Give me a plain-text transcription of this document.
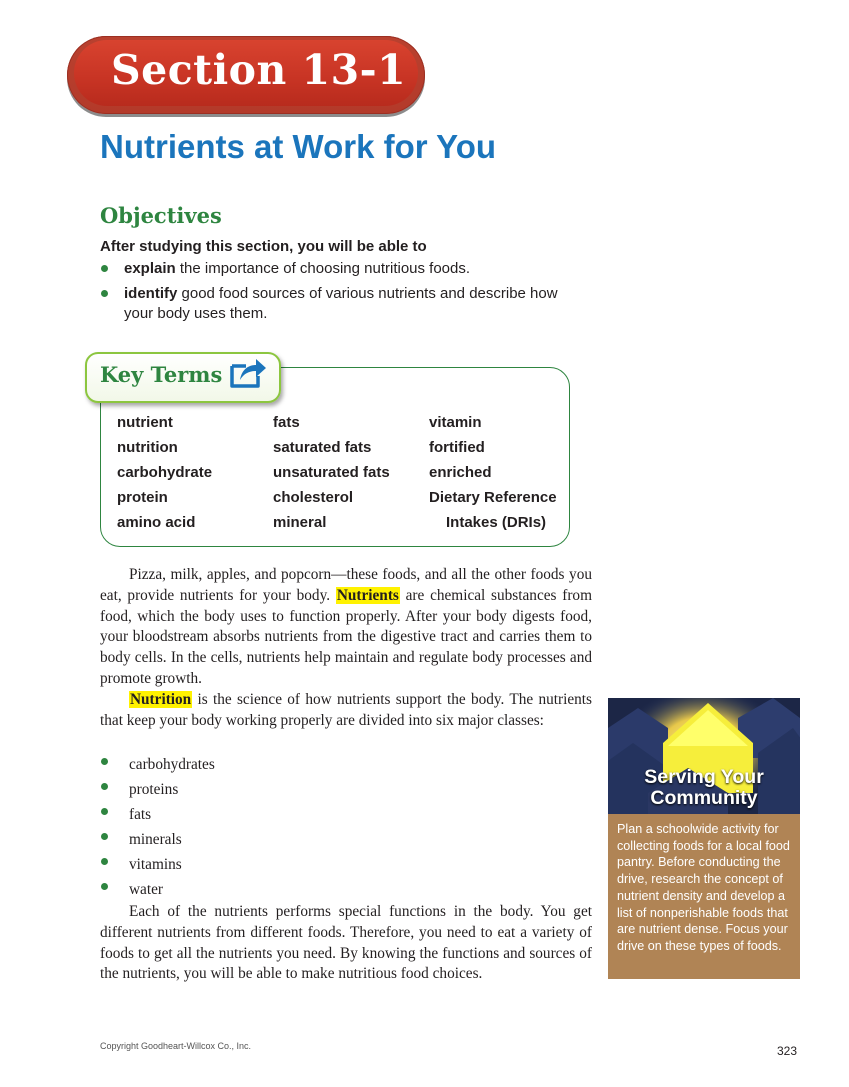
Section 13-1
Nutrients at Work for You
Objectives
After studying this section, you will be able to
explain the importance of choosing nutritious foods.
identify good food sources of various nutrients and describe how your body uses them.
Key Terms
nutrient
nutrition
carbohydrate
protein
amino acid
fats
saturated fats
unsaturated fats
cholesterol
mineral
vitamin
fortified
enriched
Dietary Reference
Intakes (DRIs)

Pizza, milk, apples, and popcorn—these foods, and all the other foods you eat, provide nutrients for your body. Nutrients are chemical substances from food, which the body uses to function properly. After your body digests food, your bloodstream absorbs nutrients from the digestive tract and carries them to body cells. In the cells, nutrients help maintain and regulate body processes and promote growth.

Nutrition is the science of how nutrients support the body. The nutrients that keep your body working properly are divided into six major classes:

carbohydrates
proteins
fats
minerals
vitamins
water

Each of the nutrients performs special functions in the body. You get different nutrients from different foods. Therefore, you need to eat a variety of foods to get all the nutrients you need. By knowing the functions and sources of the nutrients, you will be able to make nutritious food choices.

Serving Your
Community
Plan a schoolwide activity for collecting foods for a local food pantry. Before conducting the drive, research the concept of nutrient density and develop a list of nonperishable foods that are nutrient dense. Focus your drive on these types of foods.
Copyright Goodheart-Willcox Co., Inc.	323
